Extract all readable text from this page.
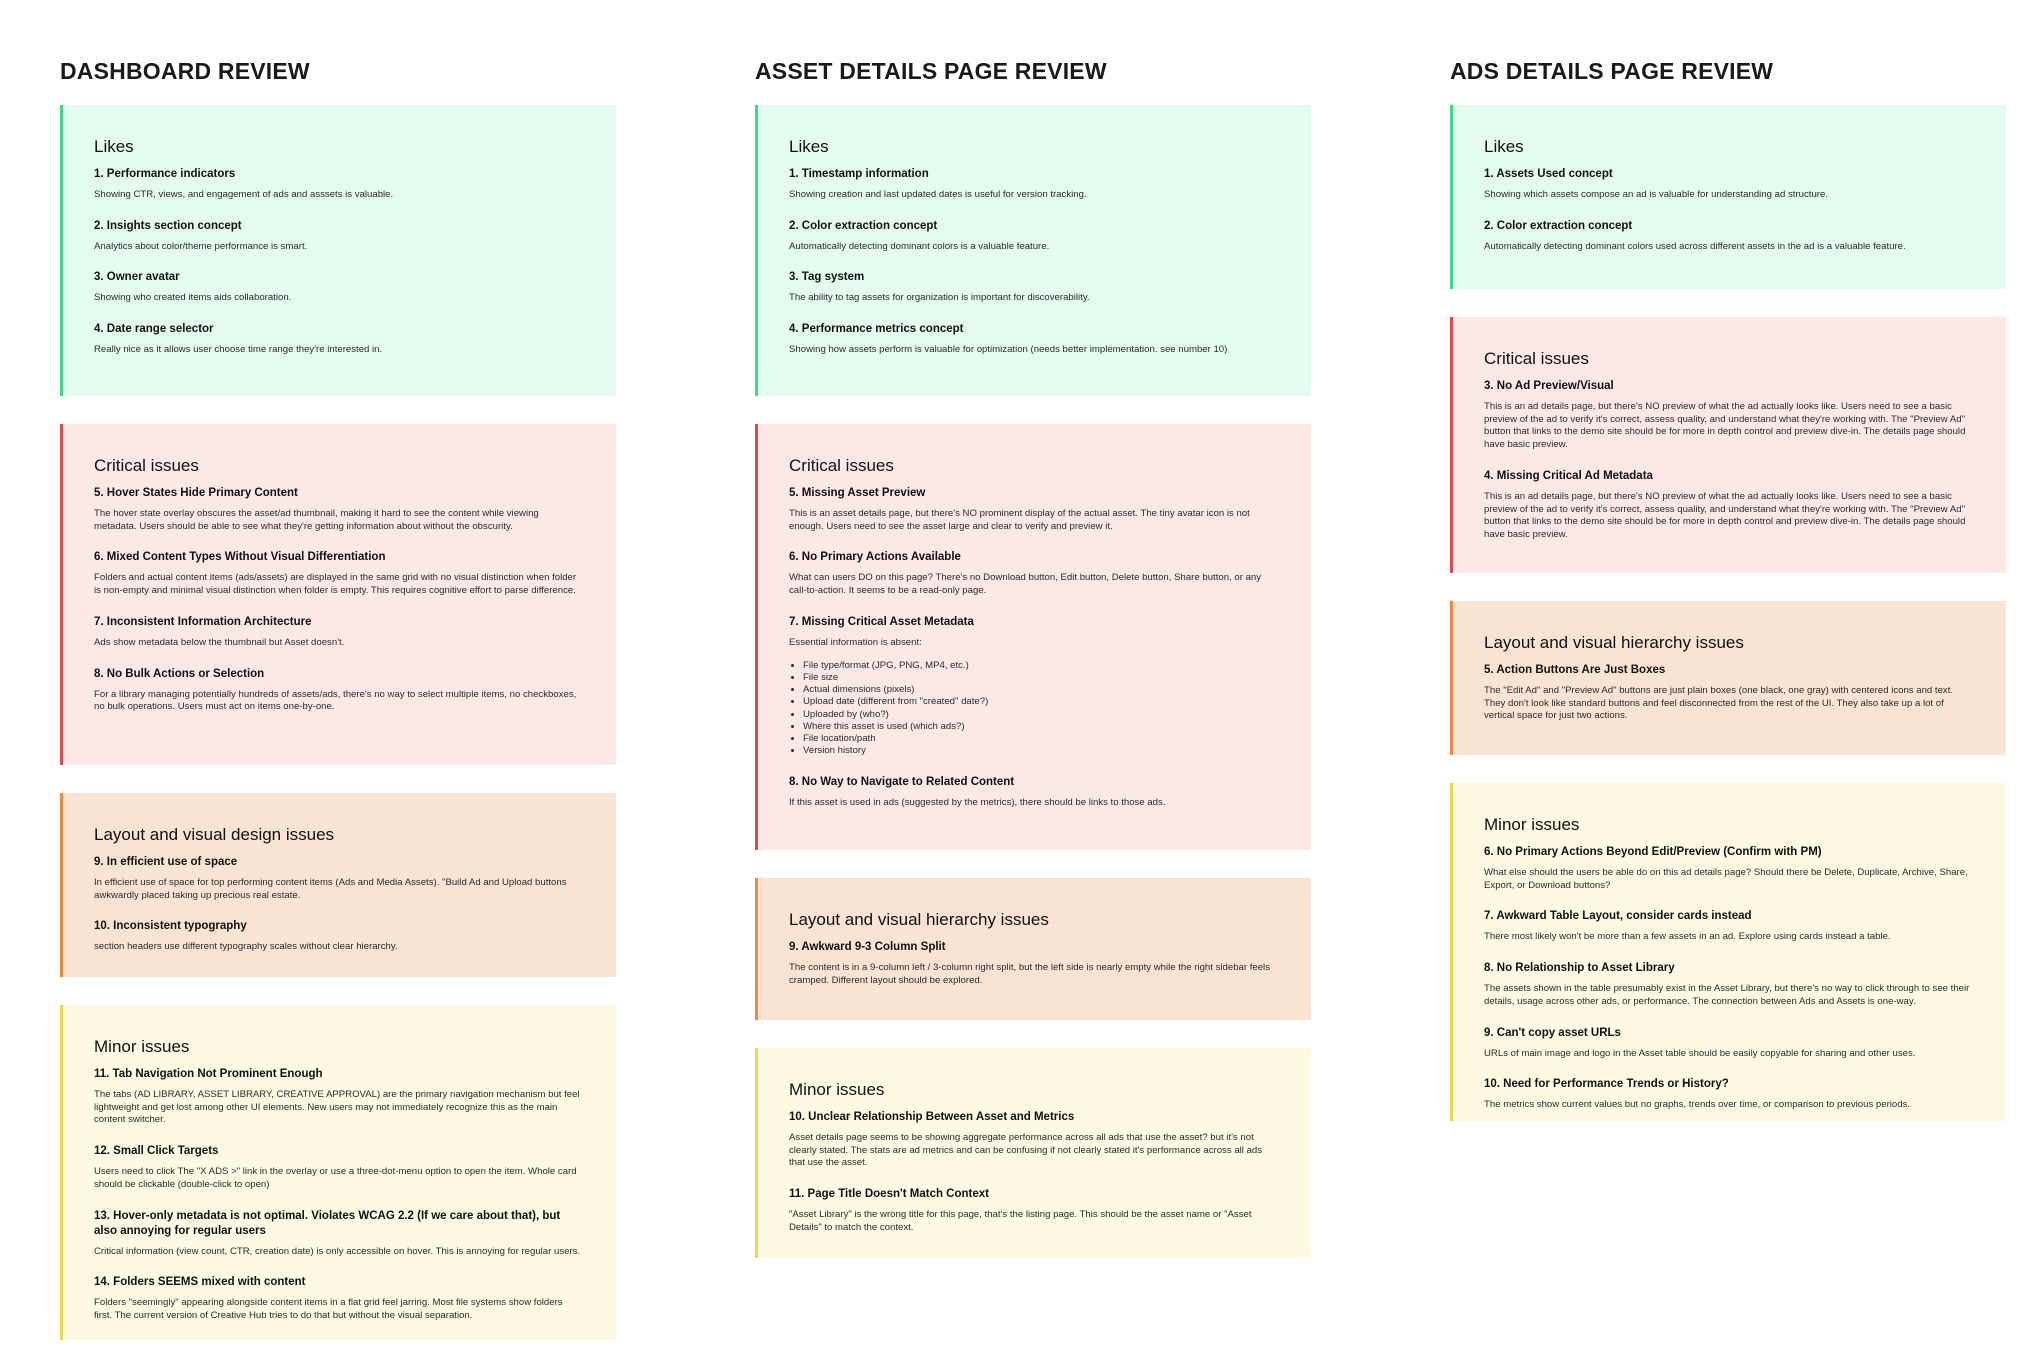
DASHBOARD REVIEW
Likes

1. Performance indicators

Showing CTR, views, and engagement of ads and asssets is valuable.

2. Insights section concept

Analytics about color/theme performance is smart.

3. Owner avatar

Showing who created items aids collaboration.

4. Date range selector

Really nice as it allows user choose time range they're interested in.

Critical issues

5. Hover States Hide Primary Content

The hover state overlay obscures the asset/ad thumbnail, making it hard to see the content while viewing metadata. Users should be able to see what they're getting information about without the obscurity.

6. Mixed Content Types Without Visual Differentiation

Folders and actual content items (ads/assets) are displayed in the same grid with no visual distinction when folder is non-empty and minimal visual distinction when folder is empty. This requires cognitive effort to parse difference.

7. Inconsistent Information Architecture

Ads show metadata below the thumbnail but Asset doesn't.

8. No Bulk Actions or Selection

For a library managing potentially hundreds of assets/ads, there's no way to select multiple items, no checkboxes, no bulk operations. Users must act on items one-by-one.

Layout and visual design issues

9. In efficient use of space

In efficient use of space for top performing content items (Ads and Media Assets). "Build Ad and Upload buttons awkwardly placed taking up precious real estate.

10. Inconsistent typography

section headers use different typography scales without clear hierarchy.

Minor issues

11. Tab Navigation Not Prominent Enough

The tabs (AD LIBRARY, ASSET LIBRARY, CREATIVE APPROVAL) are the primary navigation mechanism but feel lightweight and get lost among other UI elements. New users may not immediately recognize this as the main content switcher.

12. Small Click Targets

Users need to click The "X ADS >" link in the overlay or use a three-dot-menu option to open the item. Whole card should be clickable (double-click to open)

13. Hover-only metadata is not optimal. Violates WCAG 2.2 (If we care about that), but also annoying for regular users

Critical information (view count, CTR, creation date) is only accessible on hover. This is annoying for regular users.

14. Folders SEEMS mixed with content

Folders "seemingly" appearing alongside content items in a flat grid feel jarring. Most file systems show folders first. The current version of Creative Hub tries to do that but without the visual separation.

ASSET DETAILS PAGE REVIEW
Likes

1. Timestamp information

Showing creation and last updated dates is useful for version tracking.

2. Color extraction concept

Automatically detecting dominant colors is a valuable feature.

3. Tag system

The ability to tag assets for organization is important for discoverability.

4. Performance metrics concept

Showing how assets perform is valuable for optimization (needs better implementation. see number 10)

Critical issues

5. Missing Asset Preview

This is an asset details page, but there's NO prominent display of the actual asset. The tiny avatar icon is not enough. Users need to see the asset large and clear to verify and preview it.

6. No Primary Actions Available

What can users DO on this page? There's no Download button, Edit button, Delete button, Share button, or any call-to-action. It seems to be a read-only page.

7. Missing Critical Asset Metadata

Essential information is absent:

• File type/format (JPG, PNG, MP4, etc.)
• File size
• Actual dimensions (pixels)
• Upload date (different from "created" date?)
• Uploaded by (who?)
• Where this asset is used (which ads?)
• File location/path
• Version history

8. No Way to Navigate to Related Content

If this asset is used in ads (suggested by the metrics), there should be links to those ads.

Layout and visual hierarchy issues

9. Awkward 9-3 Column Split

The content is in a 9-column left / 3-column right split, but the left side is nearly empty while the right sidebar feels cramped. Different layout should be explored.

Minor issues

10. Unclear Relationship Between Asset and Metrics

Asset details page seems to be showing aggregate performance across all ads that use the asset? but it's not clearly stated. The stats are ad metrics and can be confusing if not clearly stated it's performance across all ads that use the asset.

11. Page Title Doesn't Match Context

"Asset Library" is the wrong title for this page, that's the listing page. This should be the asset name or "Asset Details" to match the context.

ADS DETAILS PAGE REVIEW
Likes

1. Assets Used concept

Showing which assets compose an ad is valuable for understanding ad structure.

2. Color extraction concept

Automatically detecting dominant colors used across different assets in the ad is a valuable feature.

Critical issues

3. No Ad Preview/Visual

This is an ad details page, but there's NO preview of what the ad actually looks like. Users need to see a basic preview of the ad to verify it's correct, assess quality, and understand what they're working with. The "Preview Ad" button that links to the demo site should be for more in depth control and preview dive-in. The details page should have basic preview.

4. Missing Critical Ad Metadata

This is an ad details page, but there's NO preview of what the ad actually looks like. Users need to see a basic preview of the ad to verify it's correct, assess quality, and understand what they're working with. The "Preview Ad" button that links to the demo site should be for more in depth control and preview dive-in. The details page should have basic preview.

Layout and visual hierarchy issues

5. Action Buttons Are Just Boxes

The "Edit Ad" and "Preview Ad" buttons are just plain boxes (one black, one gray) with centered icons and text. They don't look like standard buttons and feel disconnected from the rest of the UI. They also take up a lot of vertical space for just two actions.

Minor issues

6. No Primary Actions Beyond Edit/Preview (Confirm with PM)

What else should the users be able do on this ad details page? Should there be Delete, Duplicate, Archive, Share, Export, or Download buttons?

7. Awkward Table Layout, consider cards instead

There most likely won't be more than a few assets in an ad. Explore using cards instead a table.

8. No Relationship to Asset Library

The assets shown in the table presumably exist in the Asset Library, but there's no way to click through to see their details, usage across other ads, or performance. The connection between Ads and Assets is one-way.

9. Can't copy asset URLs

URLs of main image and logo in the Asset table should be easily copyable for sharing and other uses.

10. Need for Performance Trends or History?

The metrics show current values but no graphs, trends over time, or comparison to previous periods.
